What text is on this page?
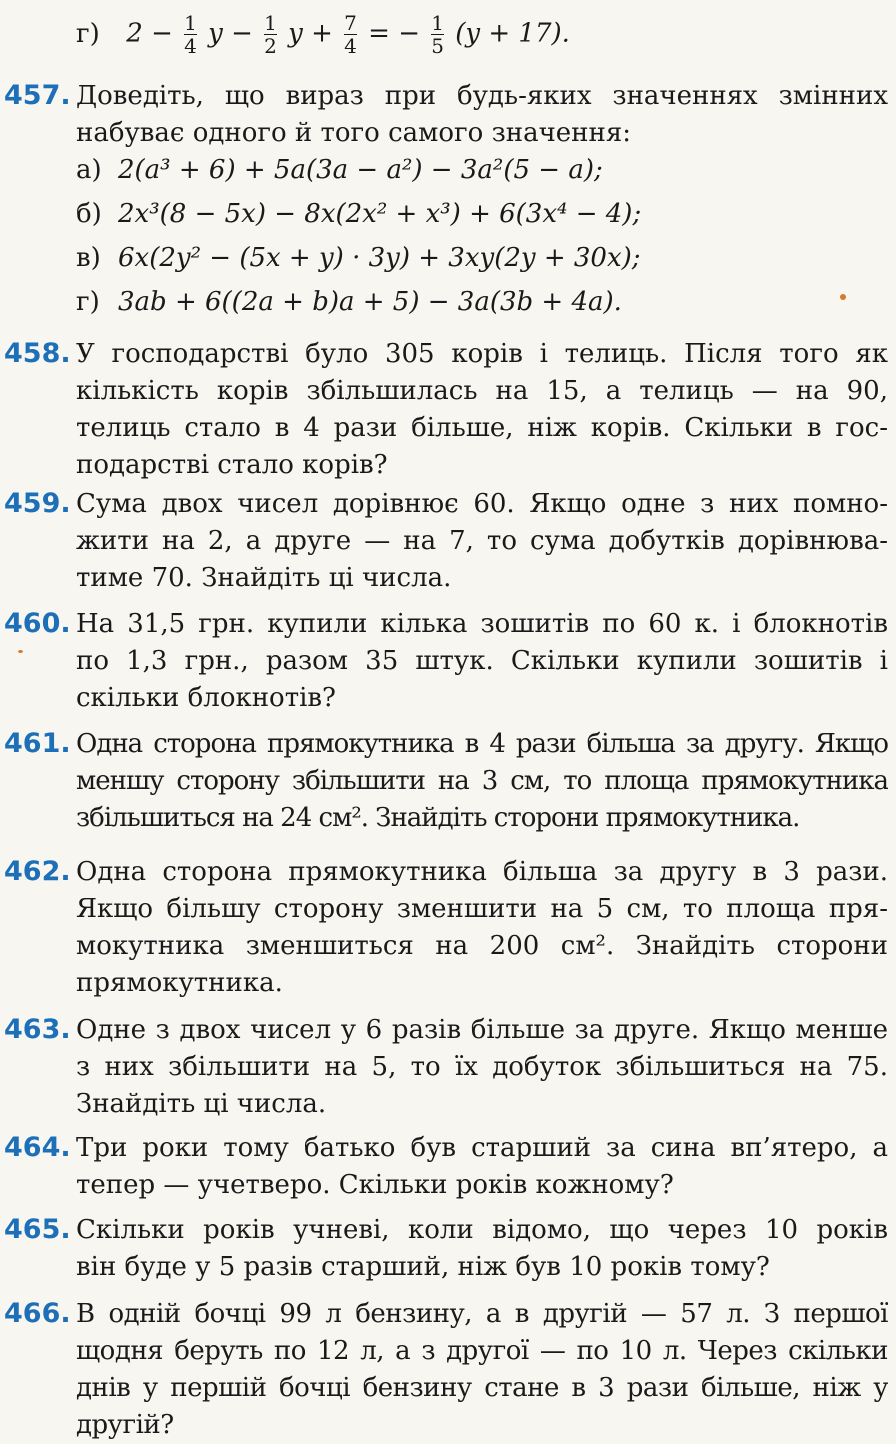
г) $2 - \frac{1}{4}$ $y - \frac{1}{2}$ $y + \frac{7}{4}$ = − $\frac{1}{5} (y + 17)$.
457. Доведіть, що вираз при будь-яких значеннях змінних
набуває одного й того самого значення:
а) 2(a³ + 6) + 5a(3a − a²) − 3a²(5 − a);
б) 2x³(8 − 5x) − 8x(2x² + x³) + 6(3x⁴ − 4);
в) 6x(2y² − (5x + y) · 3y) + 3xy(2y + 30x);
г) 3ab + 6((2a + b)a + 5) − 3a(3b + 4a).
458. У господарстві було 305 корів і телиць. Після того як
кількість корів збільшилась на 15, а телиць — на 90,
телиць стало в 4 рази більше, ніж корів. Скільки в гос-
подарстві стало корів?
459. Сума двох чисел дорівнює 60. Якщо одне з них помно-
жити на 2, а друге — на 7, то сума добутків дорівнюва-
тиме 70. Знайдіть ці числа.
460. На 31,5 грн. купили кілька зошитів по 60 к. і блокнотів
по 1,3 грн., разом 35 штук. Скільки купили зошитів і
скільки блокнотів?
461. Одна сторона прямокутника в 4 рази більша за другу. Якщо
меншу сторону збільшити на 3 см, то площа прямокутника
збільшиться на 24 см². Знайдіть сторони прямокутника.
462. Одна сторона прямокутника більша за другу в 3 рази.
Якщо більшу сторону зменшити на 5 см, то площа пря-
мокутника зменшиться на 200 см². Знайдіть сторони
прямокутника.
463. Одне з двох чисел у 6 разів більше за друге. Якщо менше
з них збільшити на 5, то їх добуток збільшиться на 75.
Знайдіть ці числа.
464. Три роки тому батько був старший за сина вп’ятеро, а
тепер — учетверо. Скільки років кожному?
465. Скільки років учневі, коли відомо, що через 10 років
він буде у 5 разів старший, ніж був 10 років тому?
466. В одній бочці 99 л бензину, а в другій — 57 л. З першої
щодня беруть по 12 л, а з другої — по 10 л. Через скільки
днів у першій бочці бензину стане в 3 рази більше, ніж у
другій?
